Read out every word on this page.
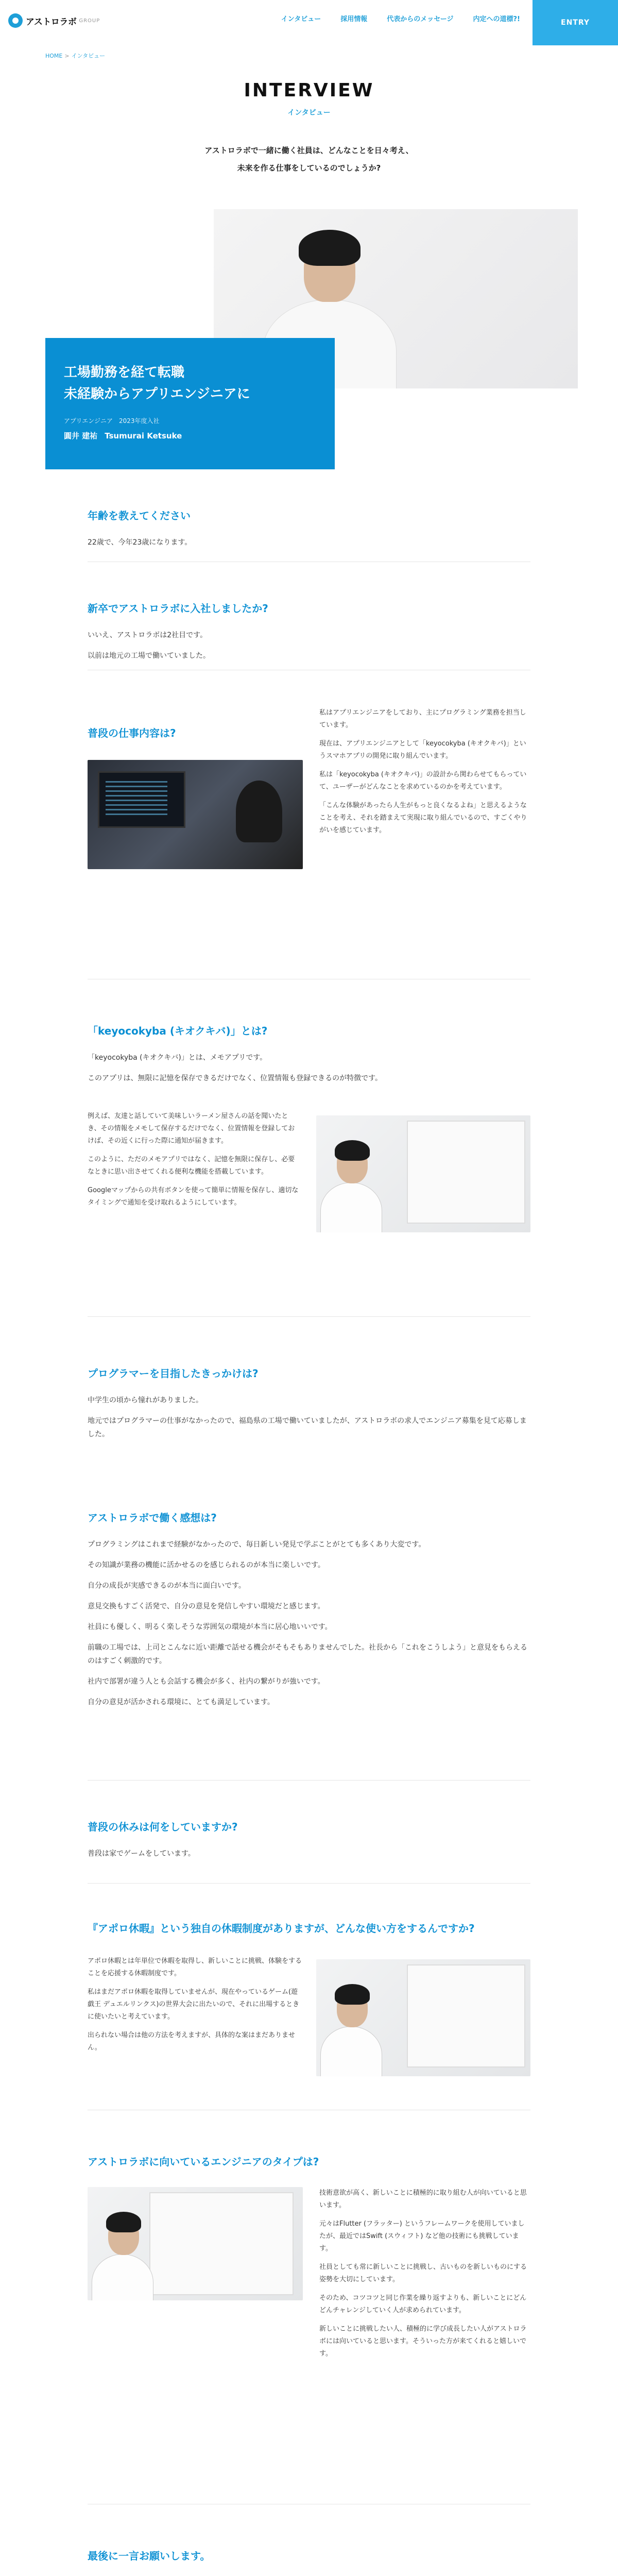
アストロラボ GROUP	インタビュー	採用情報	代表からのメッセージ	内定への道標?!	ENTRY
HOME > インタビュー
INTERVIEW
インタビュー
アストロラボで一緒に働く社員は、どんなことを日々考え、
未来を作る仕事をしているのでしょうか?
工場勤務を経て転職
未経験からアプリエンジニアに
アプリエンジニア 2023年度入社
圓井 建祐 Tsumurai Ketsuke
年齢を教えてください

22歳で、今年23歳になります。

新卒でアストロラボに入社しましたか?

いいえ、アストロラボは2社目です。

以前は地元の工場で働いていました。

普段の仕事内容は?

私はアプリエンジニアをしており、主にプログラミング業務を担当しています。

現在は、アプリエンジニアとして「keyocokyba (キオクキバ)」というスマホアプリの開発に取り組んでいます。

私は「keyocokyba (キオクキバ)」の設計から関わらせてもらっていて、ユーザーがどんなことを求めているのかを考えています。

「こんな体験があったら人生がもっと良くなるよね」と思えるようなことを考え、それを踏まえて実現に取り組んでいるので、すごくやりがいを感じています。

「keyocokyba (キオクキバ)」とは?

「keyocokyba (キオクキバ)」とは、メモアプリです。

このアプリは、無限に記憶を保存できるだけでなく、位置情報も登録できるのが特徴です。

例えば、友達と話していて美味しいラーメン屋さんの話を聞いたとき、その情報をメモして保存するだけでなく、位置情報を登録しておけば、その近くに行った際に通知が届きます。

このように、ただのメモアプリではなく、記憶を無限に保存し、必要なときに思い出させてくれる便利な機能を搭載しています。

Googleマップからの共有ボタンを使って簡単に情報を保存し、適切なタイミングで通知を受け取れるようにしています。

プログラマーを目指したきっかけは?

中学生の頃から憧れがありました。

地元ではプログラマーの仕事がなかったので、福島県の工場で働いていましたが、アストロラボの求人でエンジニア募集を見て応募しました。

アストロラボで働く感想は?

プログラミングはこれまで経験がなかったので、毎日新しい発見で学ぶことがとても多くあり大変です。

その知識が業務の機能に活かせるのを感じられるのが本当に楽しいです。

自分の成長が実感できるのが本当に面白いです。

意見交換もすごく活発で、自分の意見を発信しやすい環境だと感じます。

社員にも優しく、明るく楽しそうな雰囲気の環境が本当に居心地いいです。

前職の工場では、上司とこんなに近い距離で話せる機会がそもそもありませんでした。社長から「これをこうしよう」と意見をもらえるのはすごく刺激的です。

社内で部署が違う人とも会話する機会が多く、社内の繋がりが強いです。

自分の意見が活かされる環境に、とても満足しています。

普段の休みは何をしていますか?

普段は家でゲームをしています。

『アポロ休暇』という独自の休暇制度がありますが、どんな使い方をするんですか?

アポロ休暇とは年単位で休暇を取得し、新しいことに挑戦、体験をすることを応援する休暇制度です。

私はまだアポロ休暇を取得していませんが、現在やっているゲーム(遊戯王 デュエルリンクス)の世界大会に出たいので、それに出場するときに使いたいと考えています。

出られない場合は他の方法を考えますが、具体的な案はまだありません。

アストロラボに向いているエンジニアのタイプは?

技術意欲が高く、新しいことに積極的に取り組む人が向いていると思います。

元々はFlutter (フラッター) というフレームワークを使用していましたが、最近ではSwift (スウィフト) など他の技術にも挑戦しています。

社員としても常に新しいことに挑戦し、古いものを新しいものにする姿勢を大切にしています。

そのため、コツコツと同じ作業を繰り返すよりも、新しいことにどんどんチャレンジしていく人が求められています。

新しいことに挑戦したい人、積極的に学び成長したい人がアストロラボには向いていると思います。そういった方が来てくれると嬉しいです。

最後に一言お願いします。
